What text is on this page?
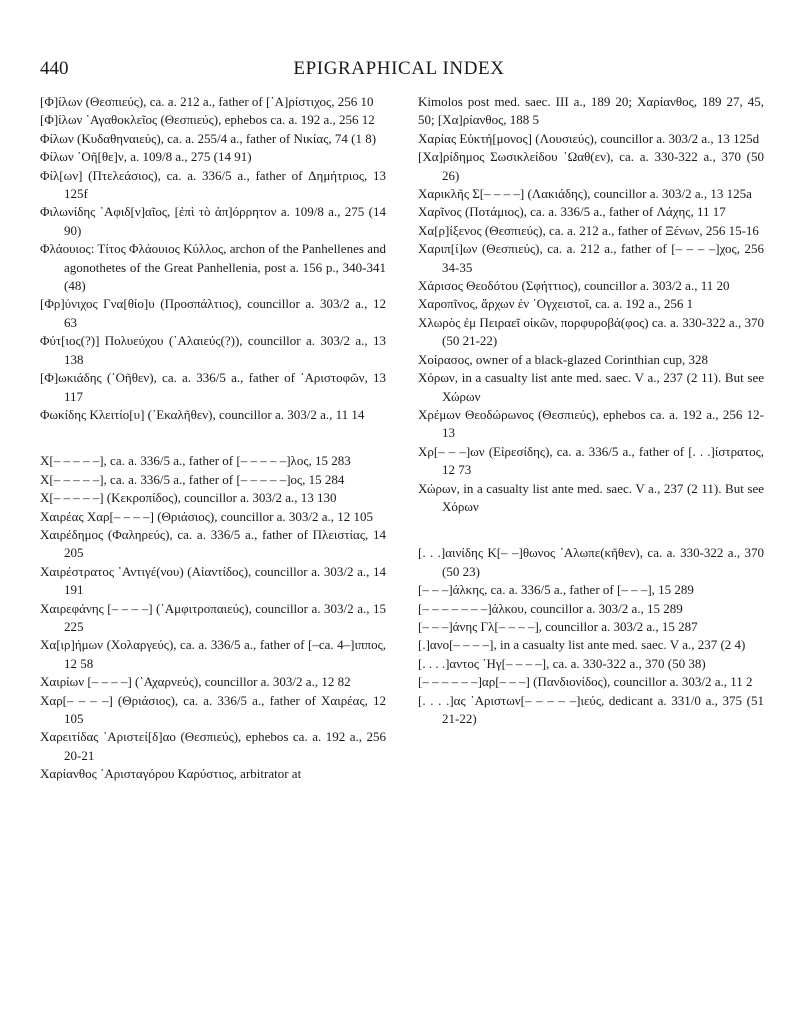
440	EPIGRAPHICAL INDEX

[Φ]ίλων (Θεσπιεύς), ca. a. 212 a., father of [᾿Α]ρίστιχος, 256 10

[Φ]ίλων ᾿Αγαθοκλεῖος (Θεσπιεύς), ephebos ca. a. 192 a., 256 12

Φίλων (Κυδαθηναιεύς), ca. a. 255/4 a., father of Νικίας, 74 (1 8)

Φίλων ᾿Οῆ[θε]ν, a. 109/8 a., 275 (14 91)

Φίλ[ων] (Πτελεάσιος), ca. a. 336/5 a., father of Δημήτριος, 13 125f

Φιλωνίδης ᾿Αφιδ[ν]αῖος, [ἐπὶ τὸ ἀπ]όρρητον a. 109/8 a., 275 (14 90)

Φλάουιος: Τίτος Φλάουιος Κύλλος, archon of the Panhellenes and agonothetes of the Great Panhellenia, post a. 156 p., 340-341 (48)

[Φρ]ύνιχος Γνα[θίο]υ (Προσπάλτιος), councillor a. 303/2 a., 12 63

Φύτ[ιος(?)] Πολυεύχου (᾿Αλαιεύς(?)), councillor a. 303/2 a., 13 138

[Φ]ωκιάδης (᾿Οῆθεν), ca. a. 336/5 a., father of ᾿Αριστοφῶν, 13 117

Φωκίδης Κλειτίο[υ] (᾿Εκαλῆθεν), councillor a. 303/2 a., 11 14

Χ[– – – – –], ca. a. 336/5 a., father of [– – – – –]λος, 15 283

Χ[– – – – –], ca. a. 336/5 a., father of [– – – – –]ος, 15 284

Χ[– – – – –] (Κεκροπίδος), councillor a. 303/2 a., 13 130

Χαιρέας Χαρ[– – – –] (Θριάσιος), councillor a. 303/2 a., 12 105

Χαιρέδημος (Φαληρεύς), ca. a. 336/5 a., father of Πλειστίας, 14 205

Χαιρέστρατος ᾿Αντιγέ(νου) (Αἰαντίδος), councillor a. 303/2 a., 14 191

Χαιρεφάνης [– – – –] (᾿Αμφιτροπαιεύς), councillor a. 303/2 a., 15 225

Χα[ιρ]ήμων (Χολαργεύς), ca. a. 336/5 a., father of [–ca. 4–]ιππος, 12 58

Χαιρίων [– – – –] (᾿Αχαρνεύς), councillor a. 303/2 a., 12 82

Χαρ[– – – –] (Θριάσιος), ca. a. 336/5 a., father of Χαιρέας, 12 105

Χαρειτίδας ᾿Αριστεί[δ]αο (Θεσπιεύς), ephebos ca. a. 192 a., 256 20-21

Χαρίανθος ᾿Αρισταγόρου Καρύστιος, arbitrator at

Kimolos post med. saec. III a., 189 20; Χαρίανθος, 189 27, 45, 50; [Χα]ρίανθος, 188 5

Χαρίας Εὐκτή[μονος] (Λουσιεύς), councillor a. 303/2 a., 13 125d

[Χα]ρίδημος Σωσικλείδου ῾Ωαθ(εν), ca. a. 330-322 a., 370 (50 26)

Χαρικλῆς Σ[– – – –] (Λακιάδης), councillor a. 303/2 a., 13 125a

Χαρῖνος (Ποτάμιος), ca. a. 336/5 a., father of Λάχης, 11 17

Χα[ρ]ίξενος (Θεσπιεύς), ca. a. 212 a., father of Ξένων, 256 15-16

Χαριπ[ί]ων (Θεσπιεύς), ca. a. 212 a., father of [– – – –]χος, 256 34-35

Χάρισος Θεοδότου (Σφήττιος), councillor a. 303/2 a., 11 20

Χαροπῖνος, ἄρχων ἐν ᾿Ογχειστοῖ, ca. a. 192 a., 256 1

Χλωρὸς ἐμ Πειραεῖ οἰκῶν, πορφυροβά(φος) ca. a. 330-322 a., 370 (50 21-22)

Χοίρασος, owner of a black-glazed Corinthian cup, 328

Χόρων, in a casualty list ante med. saec. V a., 237 (2 11). But see Χώρων

Χρέμων Θεοδώρωνος (Θεσπιεύς), ephebos ca. a. 192 a., 256 12-13

Χρ[– – –]ων (Εἰρεσίδης), ca. a. 336/5 a., father of [. . .]ίστρατος, 12 73

Χώρων, in a casualty list ante med. saec. V a., 237 (2 11). But see Χόρων

[. . .]αινίδης Κ[– –]θωνος ᾿Αλωπε(κῆθεν), ca. a. 330-322 a., 370 (50 23)

[– – –]άλκης, ca. a. 336/5 a., father of [– – –], 15 289

[– – – – – – –]άλκου, councillor a. 303/2 a., 15 289

[– – –]άνης Γλ[– – – –], councillor a. 303/2 a., 15 287

[.]ανο[– – – –], in a casualty list ante med. saec. V a., 237 (2 4)

[. . . .]αντος ῾Ηγ[– – – –], ca. a. 330-322 a., 370 (50 38)

[– – – – – –]αρ[– – –] (Πανδιονίδος), councillor a. 303/2 a., 11 2

[. . . .]ας ᾿Αριστων[– – – – –]ιεύς, dedicant a. 331/0 a., 375 (51 21-22)
